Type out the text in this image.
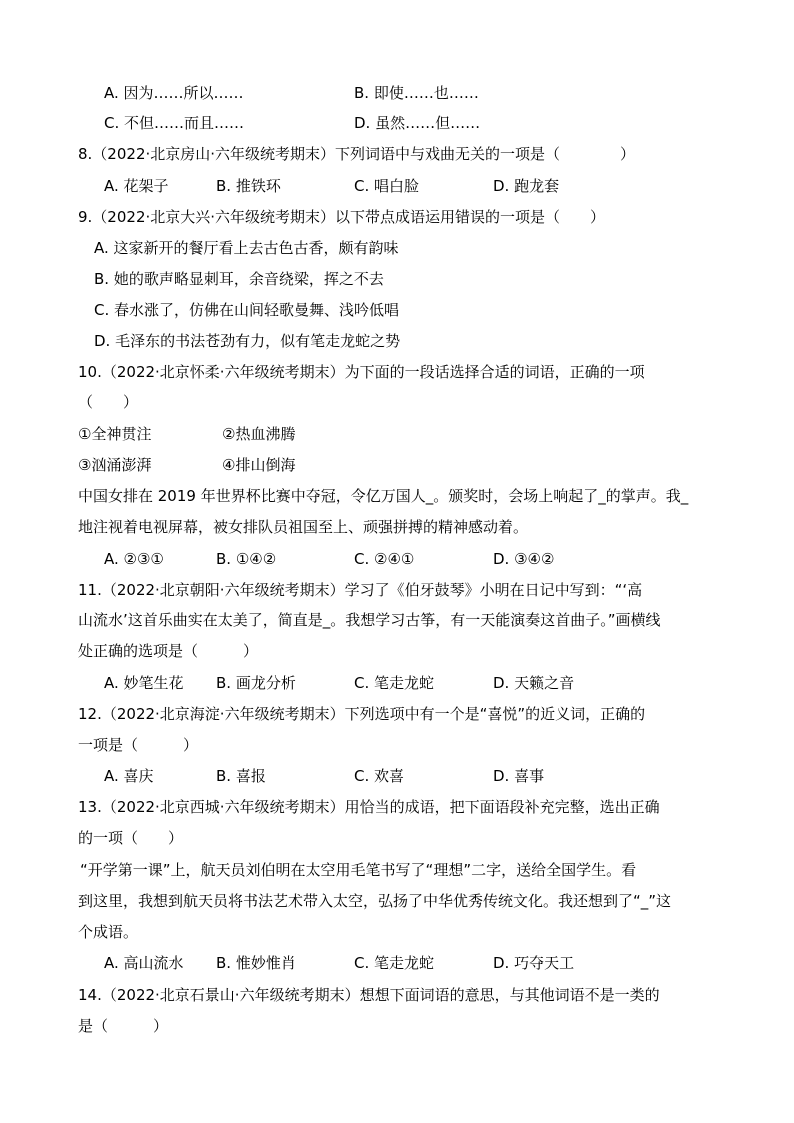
A. 因为……所以……	B. 即使……也……
C. 不但……而且……	D. 虽然……但……
8.（2022·北京房山·六年级统考期末）下列词语中与戏曲无关的一项是（　　　　）
A. 花架子	B. 推铁环	C. 唱白脸	D. 跑龙套
9.（2022·北京大兴·六年级统考期末）以下带点成语运用错误的一项是（　　）
A. 这家新开的餐厅看上去古色古香，颇有韵味
B. 她的歌声略显刺耳，余音绕梁，挥之不去
C. 春水涨了，仿佛在山间轻歌曼舞、浅吟低唱
D. 毛泽东的书法苍劲有力，似有笔走龙蛇之势
10.（2022·北京怀柔·六年级统考期末）为下面的一段话选择合适的词语，正确的一项
（　　）
①全神贯注	②热血沸腾
③汹涌澎湃	④排山倒海
中国女排在 2019 年世界杯比赛中夺冠，令亿万国人_。颁奖时，会场上响起了_的掌声。我_
地注视着电视屏幕，被女排队员祖国至上、顽强拼搏的精神感动着。
A. ②③①	B. ①④②	C. ②④①	D. ③④②
11.（2022·北京朝阳·六年级统考期末）学习了《伯牙鼓琴》小明在日记中写到：“‘高
山流水’这首乐曲实在太美了，简直是_。我想学习古筝，有一天能演奏这首曲子。”画横线
处正确的选项是（　　　）
A. 妙笔生花 B. 画龙分析	C. 笔走龙蛇	D. 天籁之音
12.（2022·北京海淀·六年级统考期末）下列选项中有一个是“喜悦”的近义词，正确的
一项是（　　　）
A. 喜庆	B. 喜报	C. 欢喜	D. 喜事
13.（2022·北京西城·六年级统考期末）用恰当的成语，把下面语段补充完整，选出正确
的一项（　　）
“开学第一课”上，航天员刘伯明在太空用毛笔书写了“理想”二字，送给全国学生。看
到这里，我想到航天员将书法艺术带入太空，弘扬了中华优秀传统文化。我还想到了“_”这
个成语。
A. 高山流水 B. 惟妙惟肖	C. 笔走龙蛇	D. 巧夺天工
14.（2022·北京石景山·六年级统考期末）想想下面词语的意思，与其他词语不是一类的
是（　　　）
